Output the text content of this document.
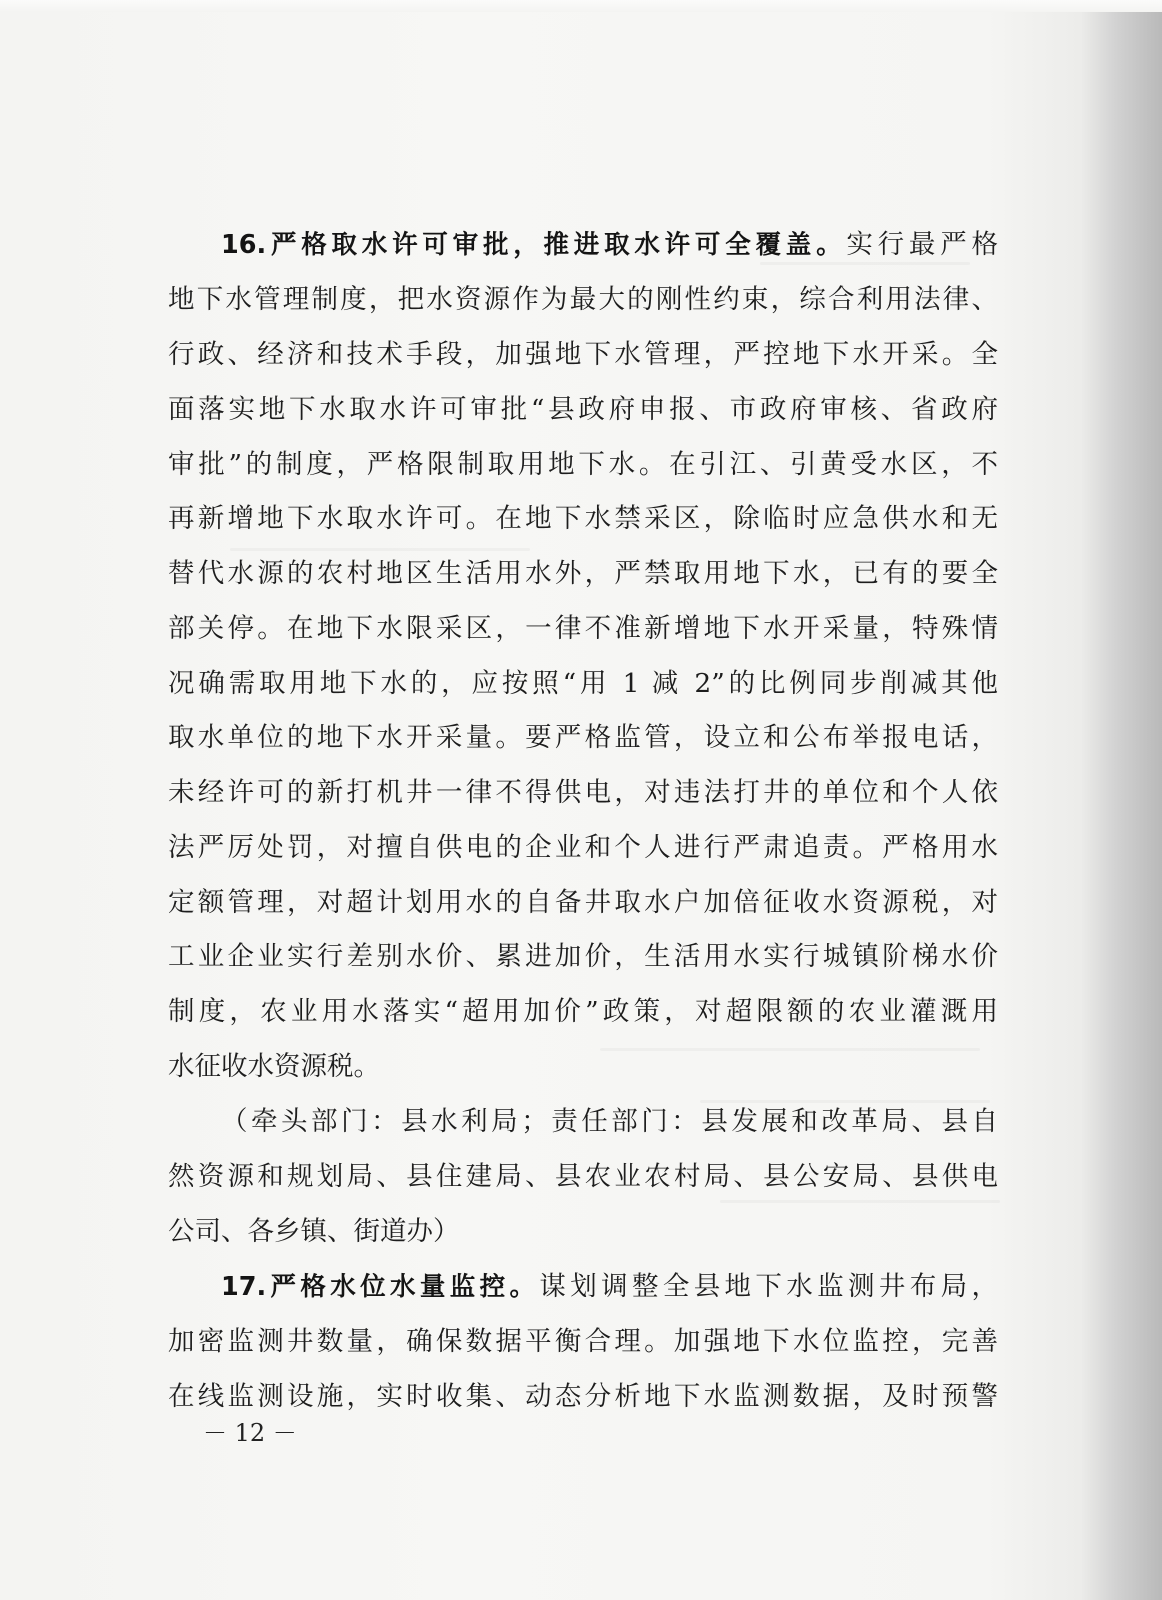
16.严格取水许可审批，推进取水许可全覆盖。实行最严格

地下水管理制度，把水资源作为最大的刚性约束，综合利用法律、

行政、经济和技术手段，加强地下水管理，严控地下水开采。全

面落实地下水取水许可审批“县政府申报、市政府审核、省政府

审批”的制度，严格限制取用地下水。在引江、引黄受水区，不

再新增地下水取水许可。在地下水禁采区，除临时应急供水和无

替代水源的农村地区生活用水外，严禁取用地下水，已有的要全

部关停。在地下水限采区，一律不准新增地下水开采量，特殊情

况确需取用地下水的，应按照“用 1 减 2”的比例同步削减其他

取水单位的地下水开采量。要严格监管，设立和公布举报电话，

未经许可的新打机井一律不得供电，对违法打井的单位和个人依

法严厉处罚，对擅自供电的企业和个人进行严肃追责。严格用水

定额管理，对超计划用水的自备井取水户加倍征收水资源税，对

工业企业实行差别水价、累进加价，生活用水实行城镇阶梯水价

制度，农业用水落实“超用加价”政策，对超限额的农业灌溉用

水征收水资源税。

（牵头部门：县水利局；责任部门：县发展和改革局、县自

然资源和规划局、县住建局、县农业农村局、县公安局、县供电

公司、各乡镇、街道办）

17.严格水位水量监控。谋划调整全县地下水监测井布局，

加密监测井数量，确保数据平衡合理。加强地下水位监控，完善

在线监测设施，实时收集、动态分析地下水监测数据，及时预警

－ 12 －
